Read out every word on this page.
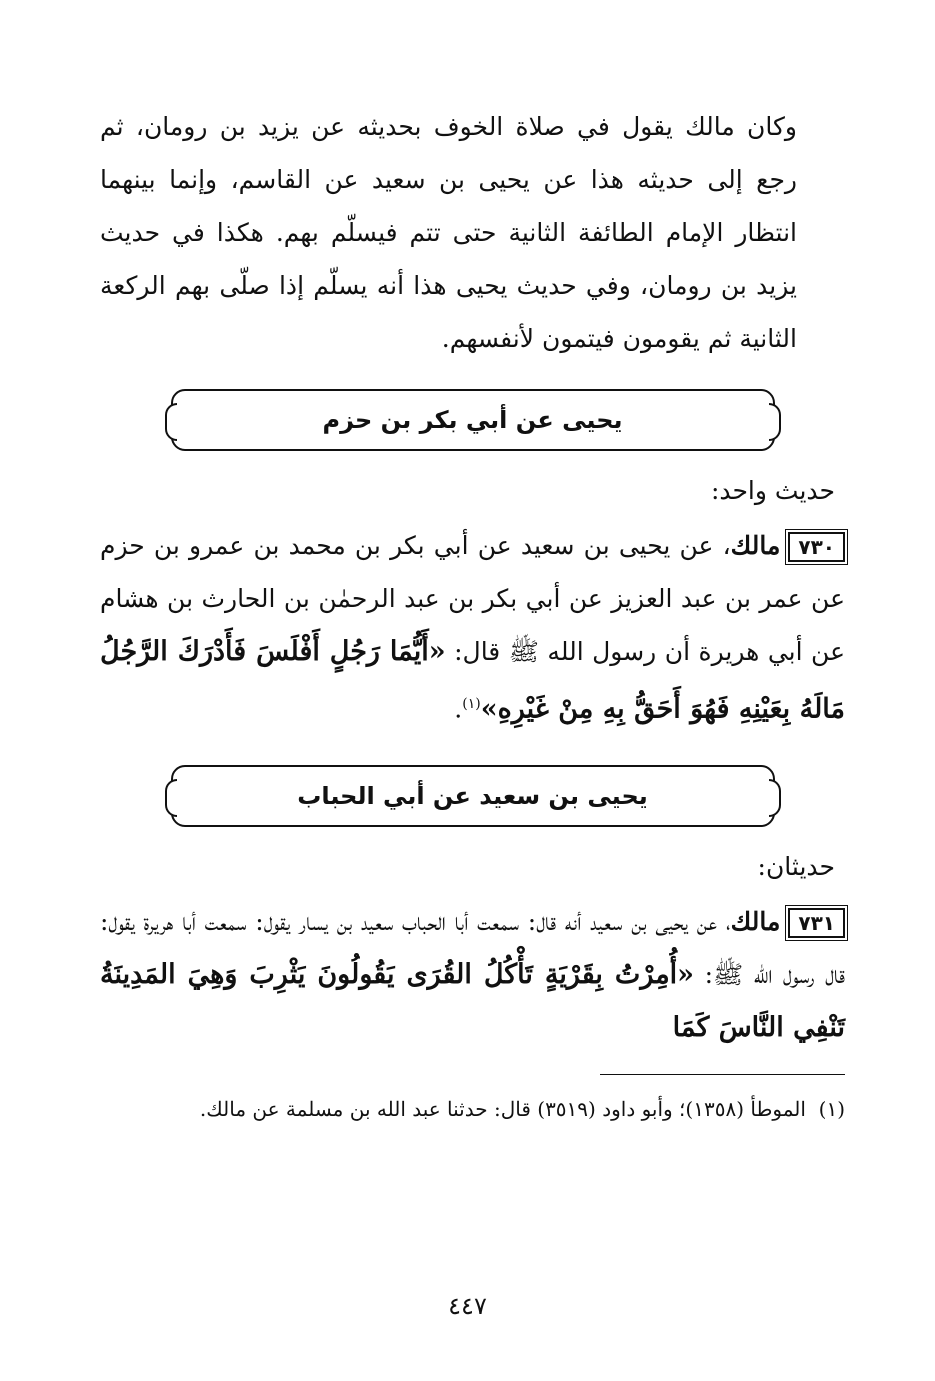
وكان مالك يقول في صلاة الخوف بحديثه عن يزيد بن رومان، ثم رجع إلى حديثه هذا عن يحيى بن سعيد عن القاسم، وإنما بينهما انتظار الإمام الطائفة الثانية حتى تتم فيسلّم بهم. هكذا في حديث يزيد بن رومان، وفي حديث يحيى هذا أنه يسلّم إذا صلّى بهم الركعة الثانية ثم يقومون فيتمون لأنفسهم.

يحيى عن أبي بكر بن حزم
حديث واحد:

٧٣٠مالك، عن يحيى بن سعيد عن أبي بكر بن محمد بن عمرو بن حزم عن عمر بن عبد العزيز عن أبي بكر بن عبد الرحمٰن بن الحارث بن هشام عن أبي هريرة أن رسول الله ﷺ قال: «أَيُّمَا رَجُلٍ أَفْلَسَ فَأَدْرَكَ الرَّجُلُ مَالَهُ بِعَيْنِهِ فَهُوَ أَحَقُّ بِهِ مِنْ غَيْرِهِ»$^{(١)}$.

يحيى بن سعيد عن أبي الحباب
حديثان:

٧٣١مالك، عن يحيى بن سعيد أنه قال: سمعت أبا الحباب سعيد بن يسار يقول: سمعت أبا هريرة يقول: قال رسول الله ﷺ: «أُمِرْتُ بِقَرْيَةٍ تَأْكُلُ القُرَى يَقُولُونَ يَثْرِبَ وَهِيَ المَدِينَةُ تَنْفِي النَّاسَ كَمَا

(١)  الموطأ (١٣٥٨)؛ وأبو داود (٣٥١٩) قال: حدثنا عبد الله بن مسلمة عن مالك.

٤٤٧
